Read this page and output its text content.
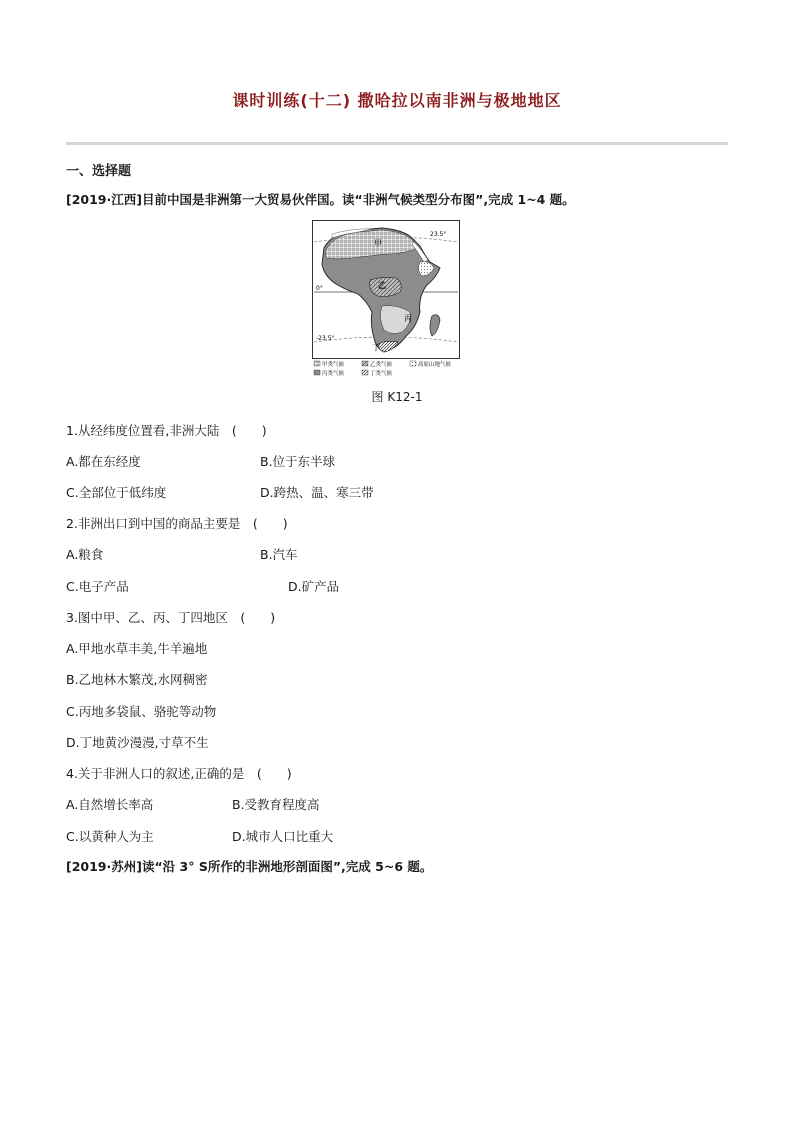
课时训练(十二) 撒哈拉以南非洲与极地地区
一、选择题
[2019·江西]目前中国是非洲第一大贸易伙伴国。读“非洲气候类型分布图”,完成 1~4 题。
甲
乙
丙
丁
23.5°
0°
-23.5°
甲类气候	乙类气候	高原山地气候
丙类气候	丁类气候
图 K12-1
1.从经纬度位置看,非洲大陆　(　　)
A.都在东经度	B.位于东半球
C.全部位于低纬度	D.跨热、温、寒三带
2.非洲出口到中国的商品主要是　(　　)
A.粮食	B.汽车
C.电子产品	D.矿产品
3.图中甲、乙、丙、丁四地区　(　　)
A.甲地水草丰美,牛羊遍地
B.乙地林木繁茂,水网稠密
C.丙地多袋鼠、骆驼等动物
D.丁地黄沙漫漫,寸草不生
4.关于非洲人口的叙述,正确的是　(　　)
A.自然增长率高	B.受教育程度高
C.以黄种人为主	D.城市人口比重大
[2019·苏州]读“沿 3° S所作的非洲地形剖面图”,完成 5~6 题。
